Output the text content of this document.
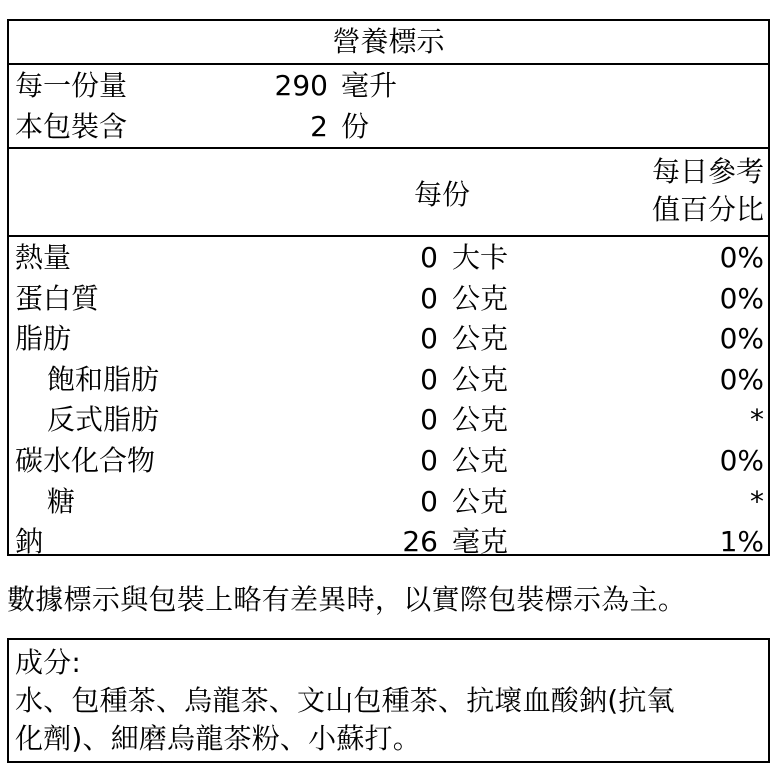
營養標示
每一份量	290 毫升
本包裝含	2 份
每份
每日參考
值百分比
熱量	0 大卡	0%
蛋白質	0 公克	0%
脂肪	0 公克	0%
飽和脂肪	0 公克	0%
反式脂肪	0 公克	*
碳水化合物	0 公克	0%
糖	0 公克	*
鈉	26 毫克	1%
數據標示與包裝上略有差異時，以實際包裝標示為主。
成分:
水、包種茶、烏龍茶、文山包種茶、抗壞血酸鈉(抗氧
化劑)、細磨烏龍茶粉、小蘇打。
